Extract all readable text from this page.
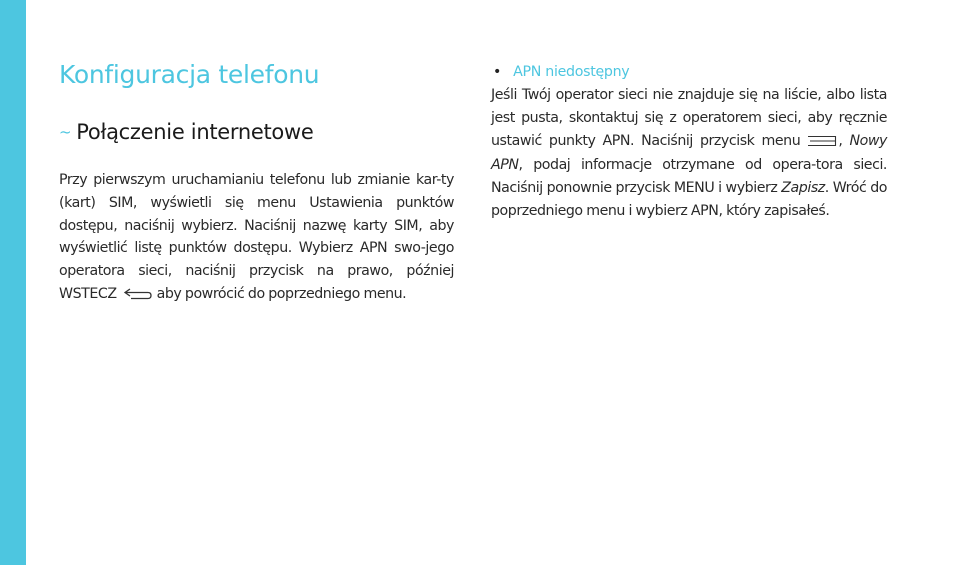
Konfiguracja telefonu
~ Połączenie internetowe

Przy pierwszym uruchamianiu telefonu lub zmianie kar-ty (kart) SIM, wyświetli się menu Ustawienia punktów dostępu, naciśnij wybierz. Naciśnij nazwę karty SIM, aby wyświetlić listę punktów dostępu. Wybierz APN swo-jego operatora sieci, naciśnij przycisk na prawo, później WSTECZ	aby powrócić do poprzedniego menu.

• APN niedostępny

Jeśli Twój operator sieci nie znajduje się na liście, albo lista jest pusta, skontaktuj się z operatorem sieci, aby ręcznie ustawić punkty APN. Naciśnij przycisk menu	, Nowy APN, podaj informacje otrzymane od opera-tora sieci. Naciśnij ponownie przycisk MENU i wybierz Zapisz. Wróć do poprzedniego menu i wybierz APN, który zapisałeś.
